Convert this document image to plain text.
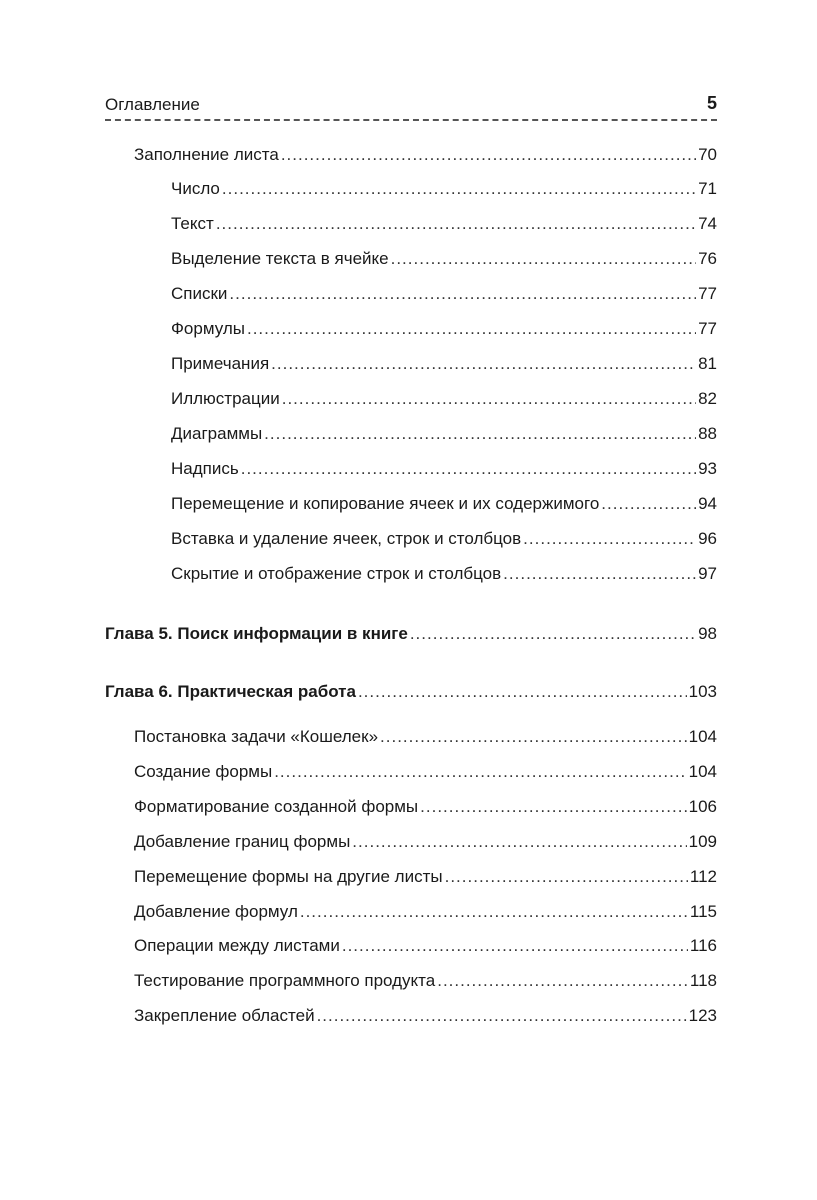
Оглавление	5
Заполнение листа .....	70
Число .....	71
Текст .....	74
Выделение текста в ячейке .....	76
Списки .....	77
Формулы .....	77
Примечания .....	81
Иллюстрации .....	82
Диаграммы .....	88
Надпись .....	93
Перемещение и копирование ячеек и их содержимого .....	94
Вставка и удаление ячеек, строк и столбцов .....	96
Скрытие и отображение строк и столбцов .....	97
Глава 5. Поиск информации в книге .....	98
Глава 6. Практическая работа .....	103
Постановка задачи «Кошелек» .....	104
Создание формы .....	104
Форматирование созданной формы .....	106
Добавление границ формы .....	109
Перемещение формы на другие листы .....	112
Добавление формул .....	115
Операции между листами .....	116
Тестирование программного продукта .....	118
Закрепление областей .....	123
